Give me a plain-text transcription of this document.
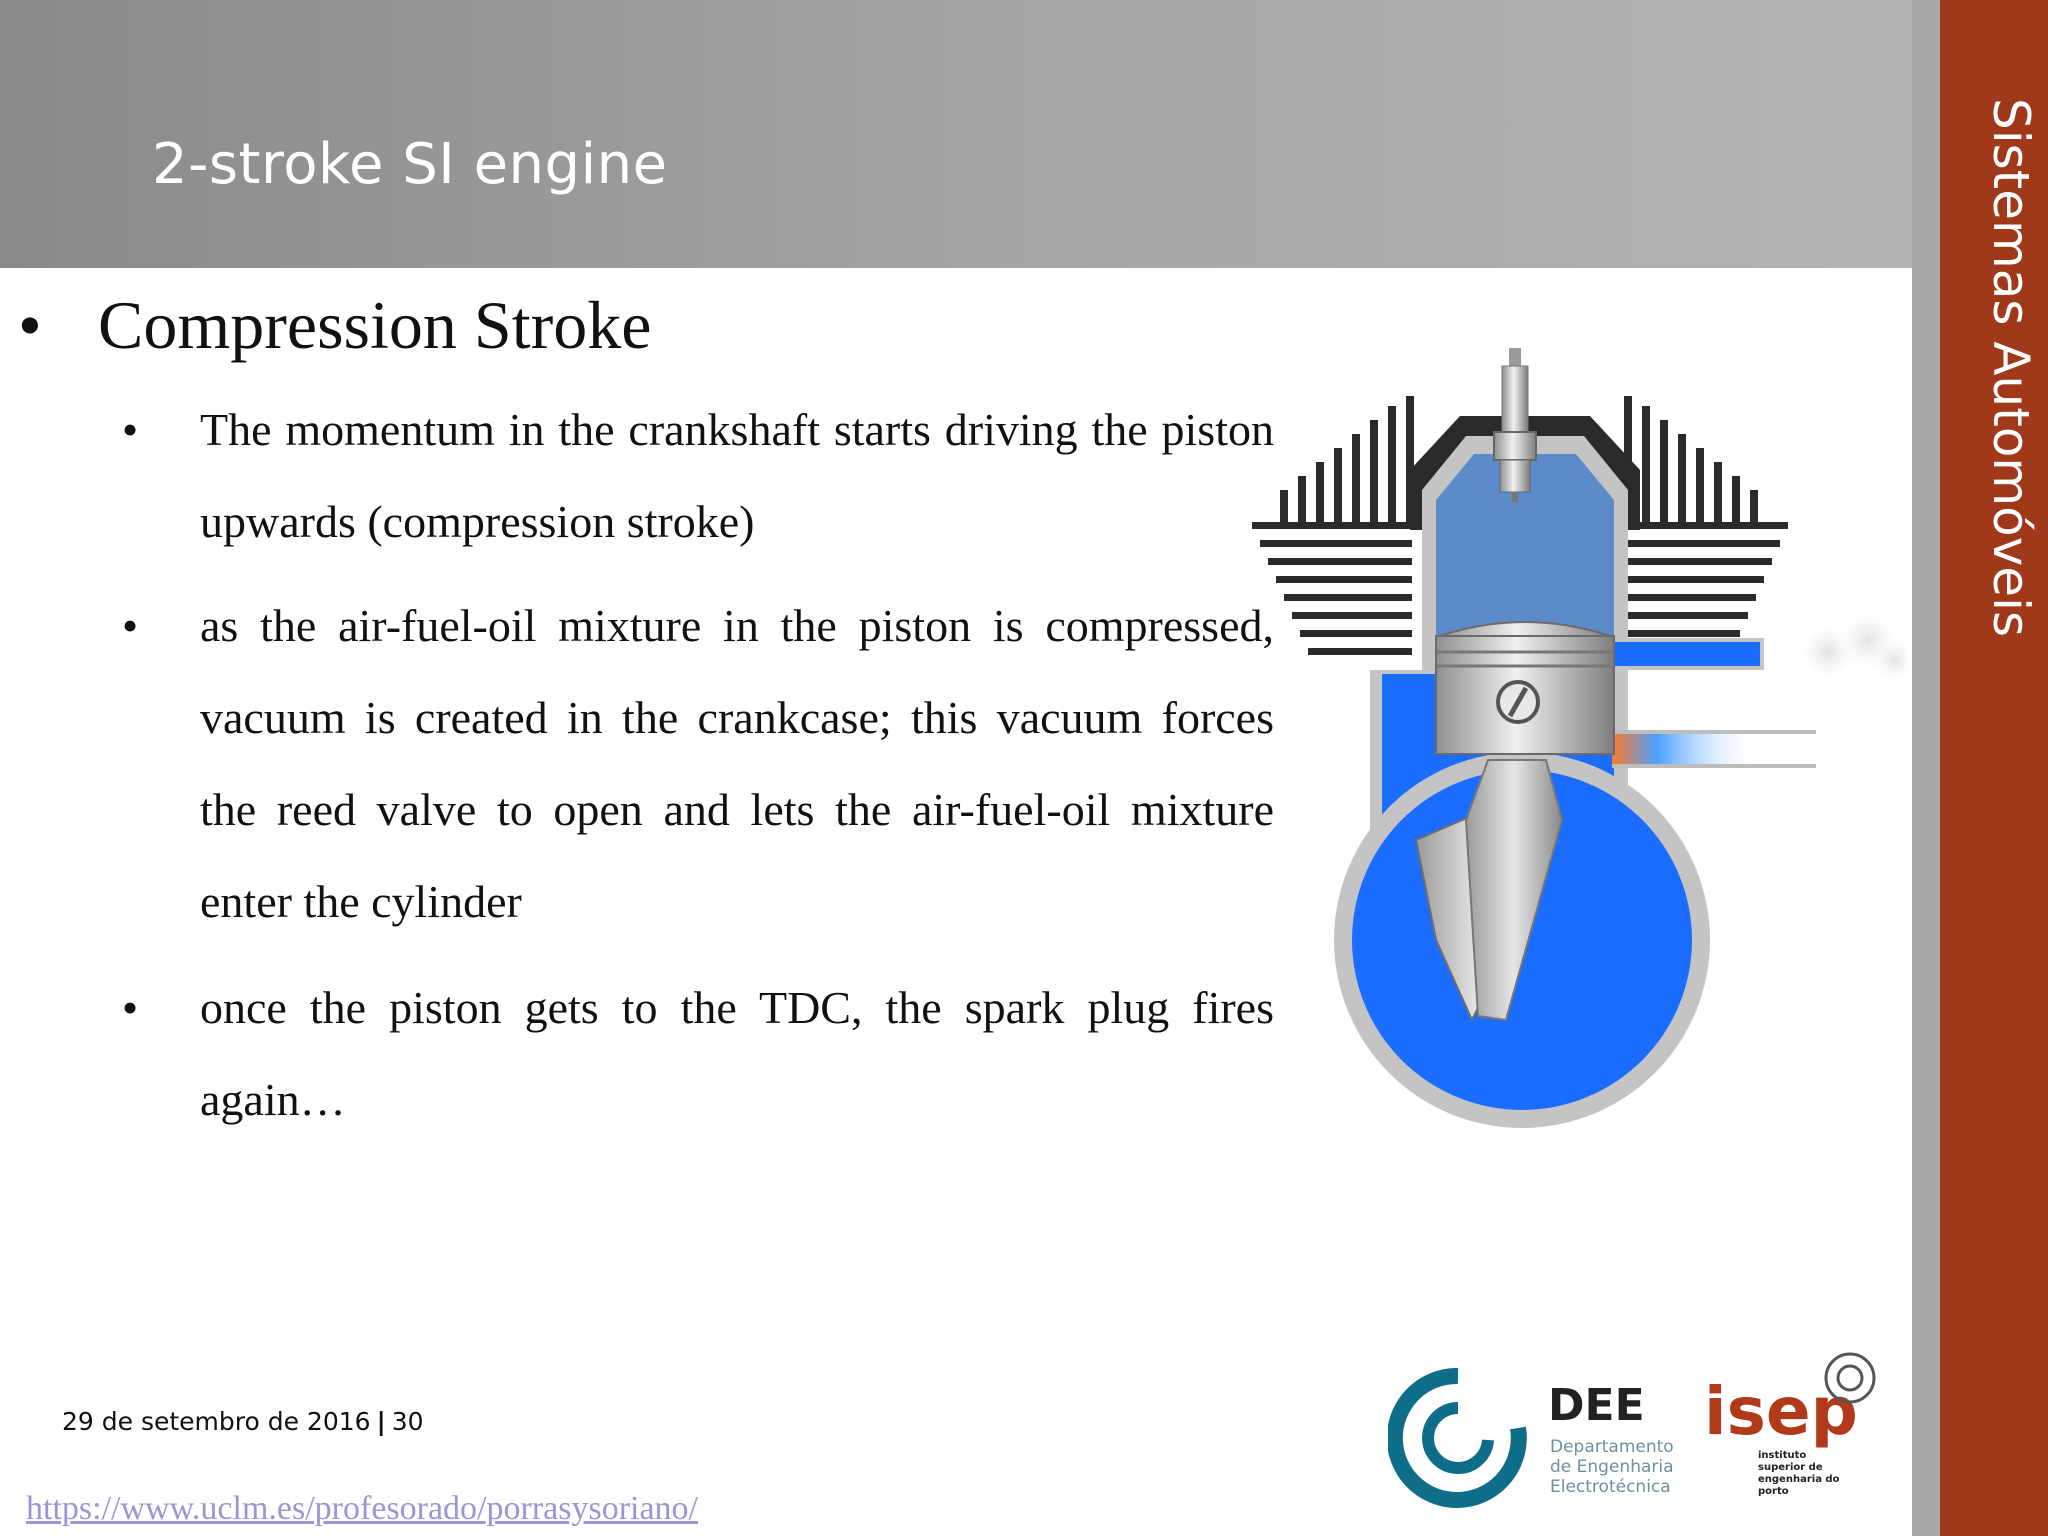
2-stroke SI engine	Sistemas Automóveis
• Compression Stroke
• The momentum in the crankshaft starts driving the piston upwards (compression stroke)
• as the air-fuel-oil mixture in the piston is compressed, vacuum is created in the crankcase; this vacuum forces the reed valve to open and lets the air-fuel-oil mixture enter the cylinder
• once the piston gets to the TDC, the spark plug fires again…
DEE
Departamento
de Engenharia
Electrotécnica
isep
instituto
superior de
engenharia do
porto
29 de setembro de 2016 | 30
https://www.uclm.es/profesorado/porrasysoriano/
